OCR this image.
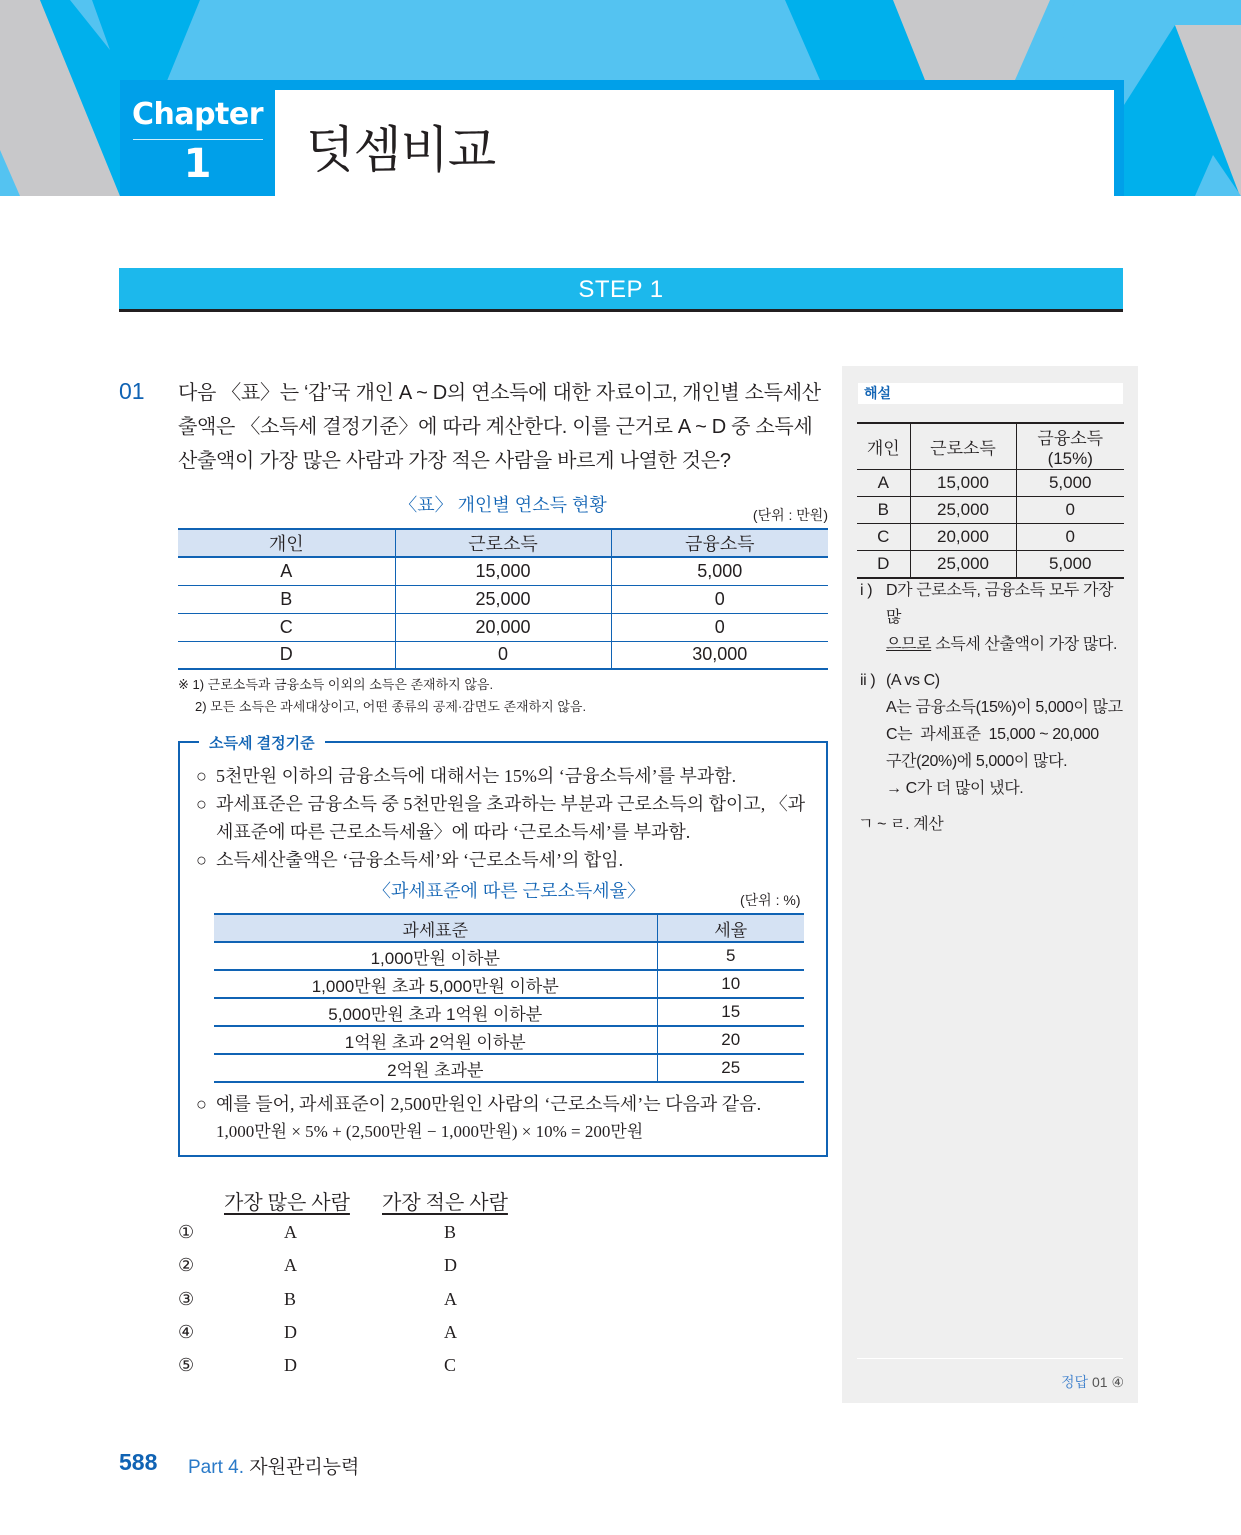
Chapter
1	덧셈비교
STEP 1
01 다음 〈표〉는 ‘갑’국 개인 A ~ D의 연소득에 대한 자료이고, 개인별 소득세산출액은 〈소득세 결정기준〉에 따라 계산한다. 이를 근거로 A ~ D 중 소득세산출액이 가장 많은 사람과 가장 적은 사람을 바르게 나열한 것은?
〈표〉 개인별 연소득 현황	(단위 : 만원)
개인	근로소득	금융소득
A	15,000	5,000
B	25,000	0
C	20,000	0
D	0	30,000
※ 1) 근로소득과 금융소득 이외의 소득은 존재하지 않음.
2) 모든 소득은 과세대상이고, 어떤 종류의 공제·감면도 존재하지 않음.
소득세 결정기준
○ 5천만원 이하의 금융소득에 대해서는 15%의 ‘금융소득세’를 부과함.
○ 과세표준은 금융소득 중 5천만원을 초과하는 부분과 근로소득의 합이고, 〈과세표준에 따른 근로소득세율〉에 따라 ‘근로소득세’를 부과함.
○ 소득세산출액은 ‘금융소득세’와 ‘근로소득세’의 합임.
〈과세표준에 따른 근로소득세율〉	(단위 : %)
과세표준	세율
1,000만원 이하분	5
1,000만원 초과 5,000만원 이하분	10
5,000만원 초과 1억원 이하분	15
1억원 초과 2억원 이하분	20
2억원 초과분	25
○ 예를 들어, 과세표준이 2,500만원인 사람의 ‘근로소득세’는 다음과 같음.
1,000만원 × 5% + (2,500만원 − 1,000만원) × 10% = 200만원
가장 많은 사람 가장 적은 사람
①	A	B
②	A	D
③	B	A
④	D	A
⑤	D	C
해설
개인	근로소득	금융소득(15%)
A	15,000	5,000
B	25,000	0
C	20,000	0
D	25,000	5,000
i ) D가 근로소득, 금융소득 모두 가장 많
으므로 소득세 산출액이 가장 많다.
ii ) (A vs C)
A는 금융소득(15%)이 5,000이 많고
C는  과세표준  15,000 ~ 20,000
구간(20%)에 5,000이 많다.
→ C가 더 많이 냈다.
ㄱ ~ ㄹ. 계산
정답 01 ④
588 Part 4. 자원관리능력
